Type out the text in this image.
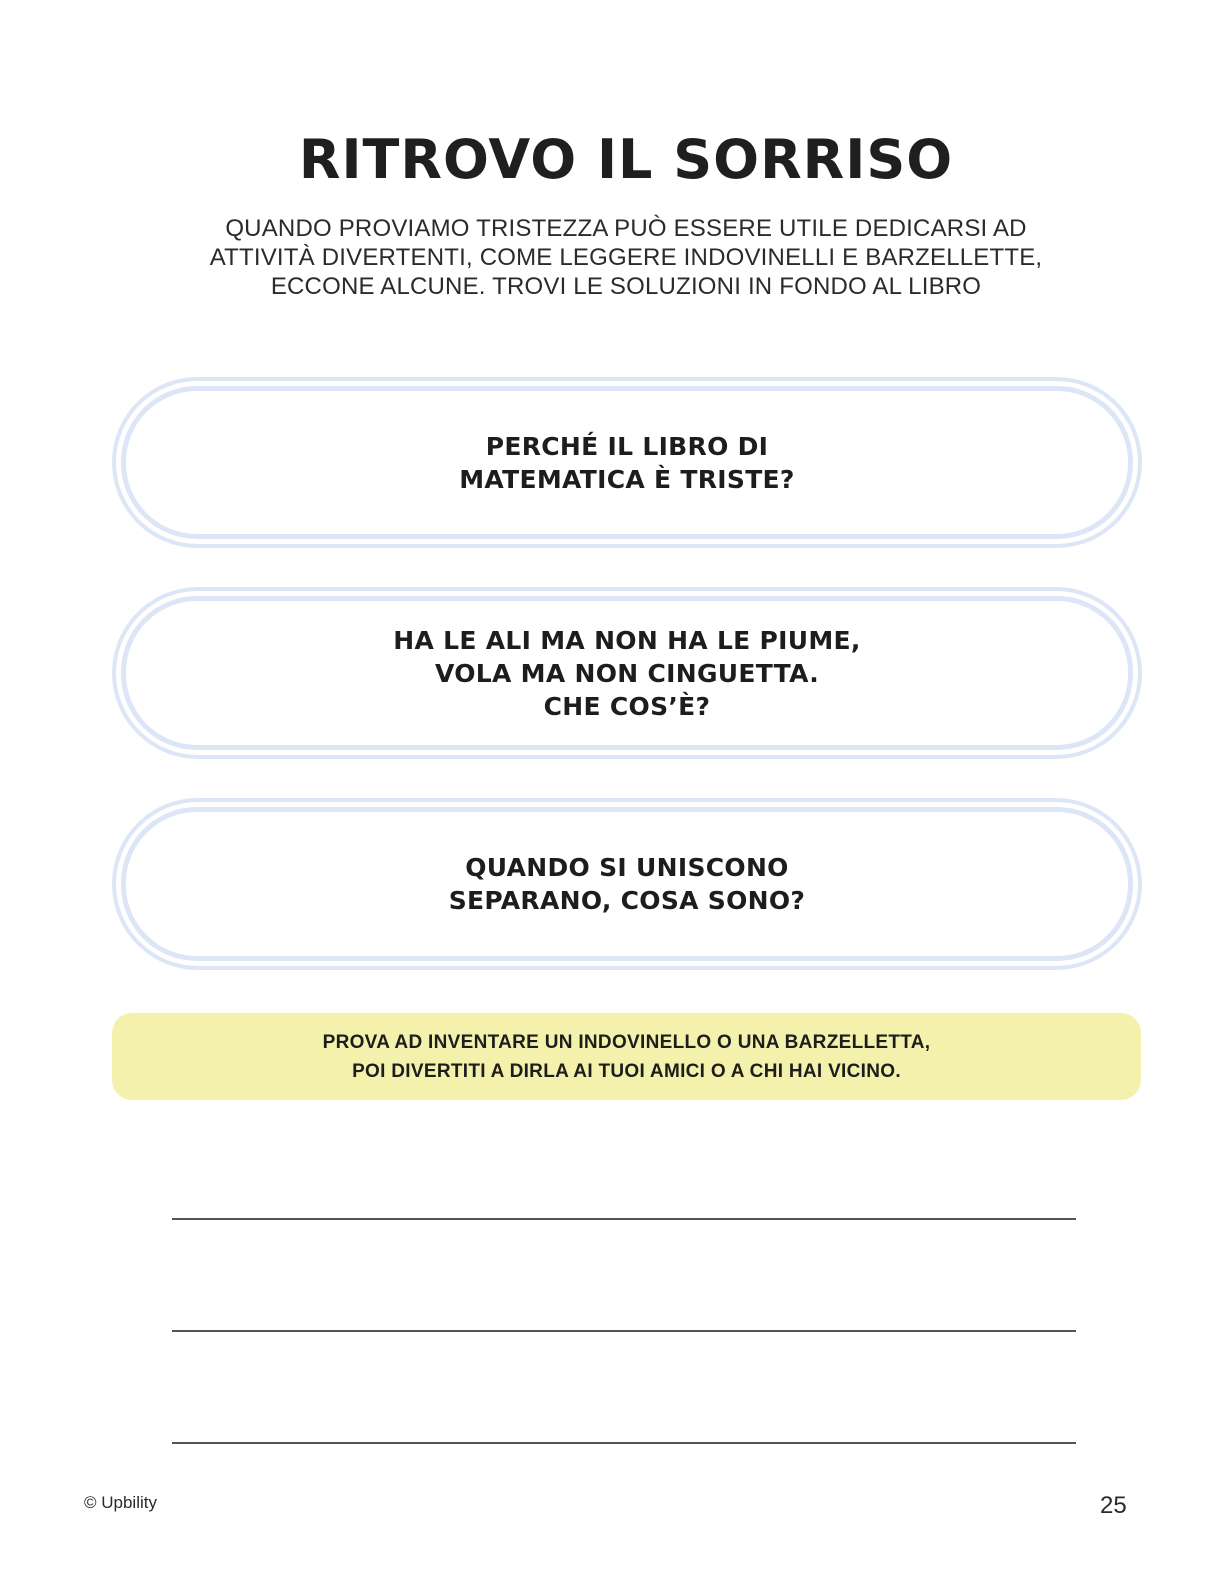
RITROVO IL SORRISO
QUANDO PROVIAMO TRISTEZZA PUÒ ESSERE UTILE DEDICARSI AD
ATTIVITÀ DIVERTENTI, COME LEGGERE INDOVINELLI E BARZELLETTE,
ECCONE ALCUNE. TROVI LE SOLUZIONI IN FONDO AL LIBRO
PERCHÉ IL LIBRO DI
MATEMATICA È TRISTE?
HA LE ALI MA NON HA LE PIUME,
VOLA MA NON CINGUETTA.
CHE COS’È?
QUANDO SI UNISCONO
SEPARANO, COSA SONO?
PROVA AD INVENTARE UN INDOVINELLO O UNA BARZELLETTA,
POI DIVERTITI A DIRLA AI TUOI AMICI O A CHI HAI VICINO.
© Upbility	25
